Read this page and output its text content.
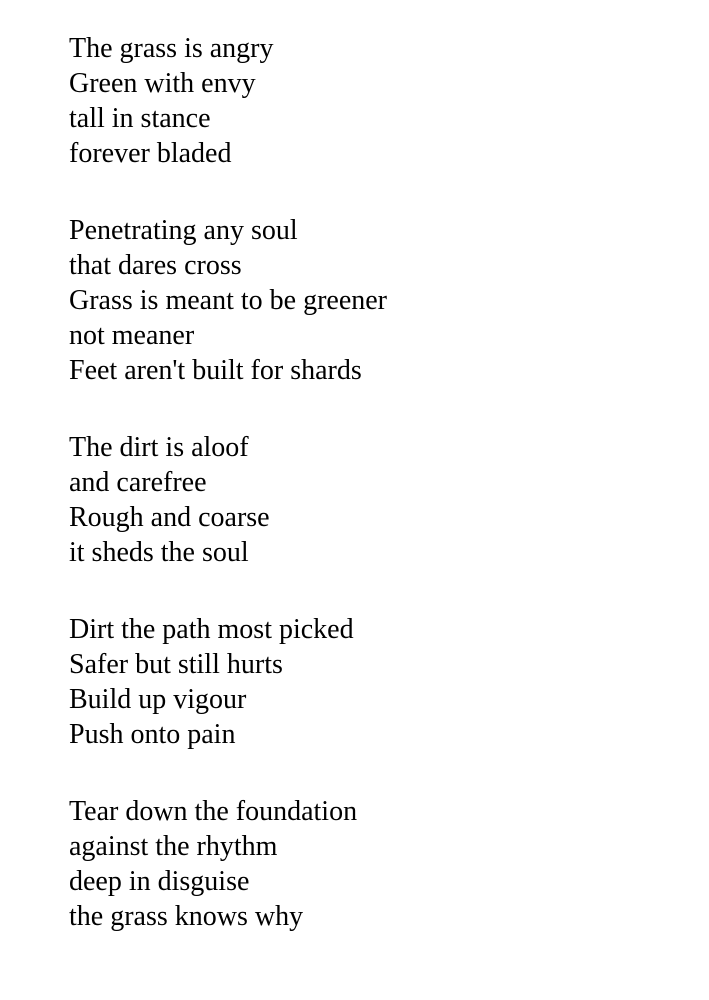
The grass is angry
Green with envy
tall in stance
forever bladed
Penetrating any soul
that dares cross
Grass is meant to be greener
not meaner
Feet aren't built for shards
The dirt is aloof
and carefree
Rough and coarse
it sheds the soul
Dirt the path most picked
Safer but still hurts
Build up vigour
Push onto pain
Tear down the foundation
against the rhythm
deep in disguise
the grass knows why
